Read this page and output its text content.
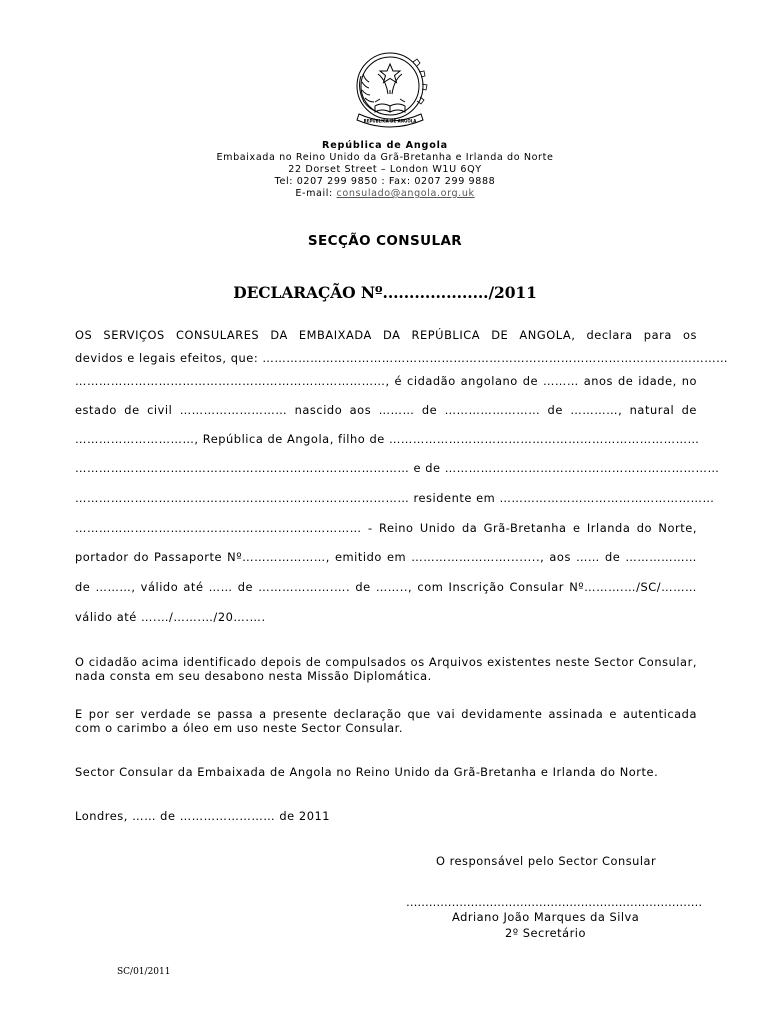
REPÚBLICA DE ANGOLA
República de Angola
Embaixada no Reino Unido da Grã-Bretanha e Irlanda do Norte
22 Dorset Street – London W1U 6QY
Tel: 0207 299 9850 : Fax: 0207 299 9888
E-mail: consulado@angola.org.uk
SECÇÃO CONSULAR
DECLARAÇÃO Nº..................../2011
OS SERVIÇOS CONSULARES DA EMBAIXADA DA REPÚBLICA DE ANGOLA, declara para os
devidos e legais efeitos, que: ………………………………………………………………………………………………………
……………………………………………………………………, é cidadão angolano de ……… anos de idade, no
estado de civil ……………………… nascido aos ……… de …………………… de …………, natural de
…………………………, República de Angola, filho de ……………………………………………………………………
………………………………………………………………………… e de ……………………………………………………………
………………………………………………………………………… residente em ………………………………………………
……………………………………………………………… - Reino Unido da Grã-Bretanha e Irlanda do Norte,
portador do Passaporte Nº…………………, emitido em ……………………........, aos …… de ………………
de ………, válido até …… de ……………….…. de …….., com Inscrição Consular Nº……….…/SC/………
válido até ….…/…….…/20….….
O cidadão acima identificado depois de compulsados os Arquivos existentes neste Sector Consular, nada consta em seu desabono nesta Missão Diplomática.
E por ser verdade se passa a presente declaração que vai devidamente assinada e autenticada com o carimbo a óleo em uso neste Sector Consular.
Sector Consular da Embaixada de Angola no Reino Unido da Grã-Bretanha e Irlanda do Norte.
Londres, …… de …………………… de 2011
O responsável pelo Sector Consular
……………………………………………………………………
Adriano João Marques da Silva
2º Secretário
SC/01/2011
